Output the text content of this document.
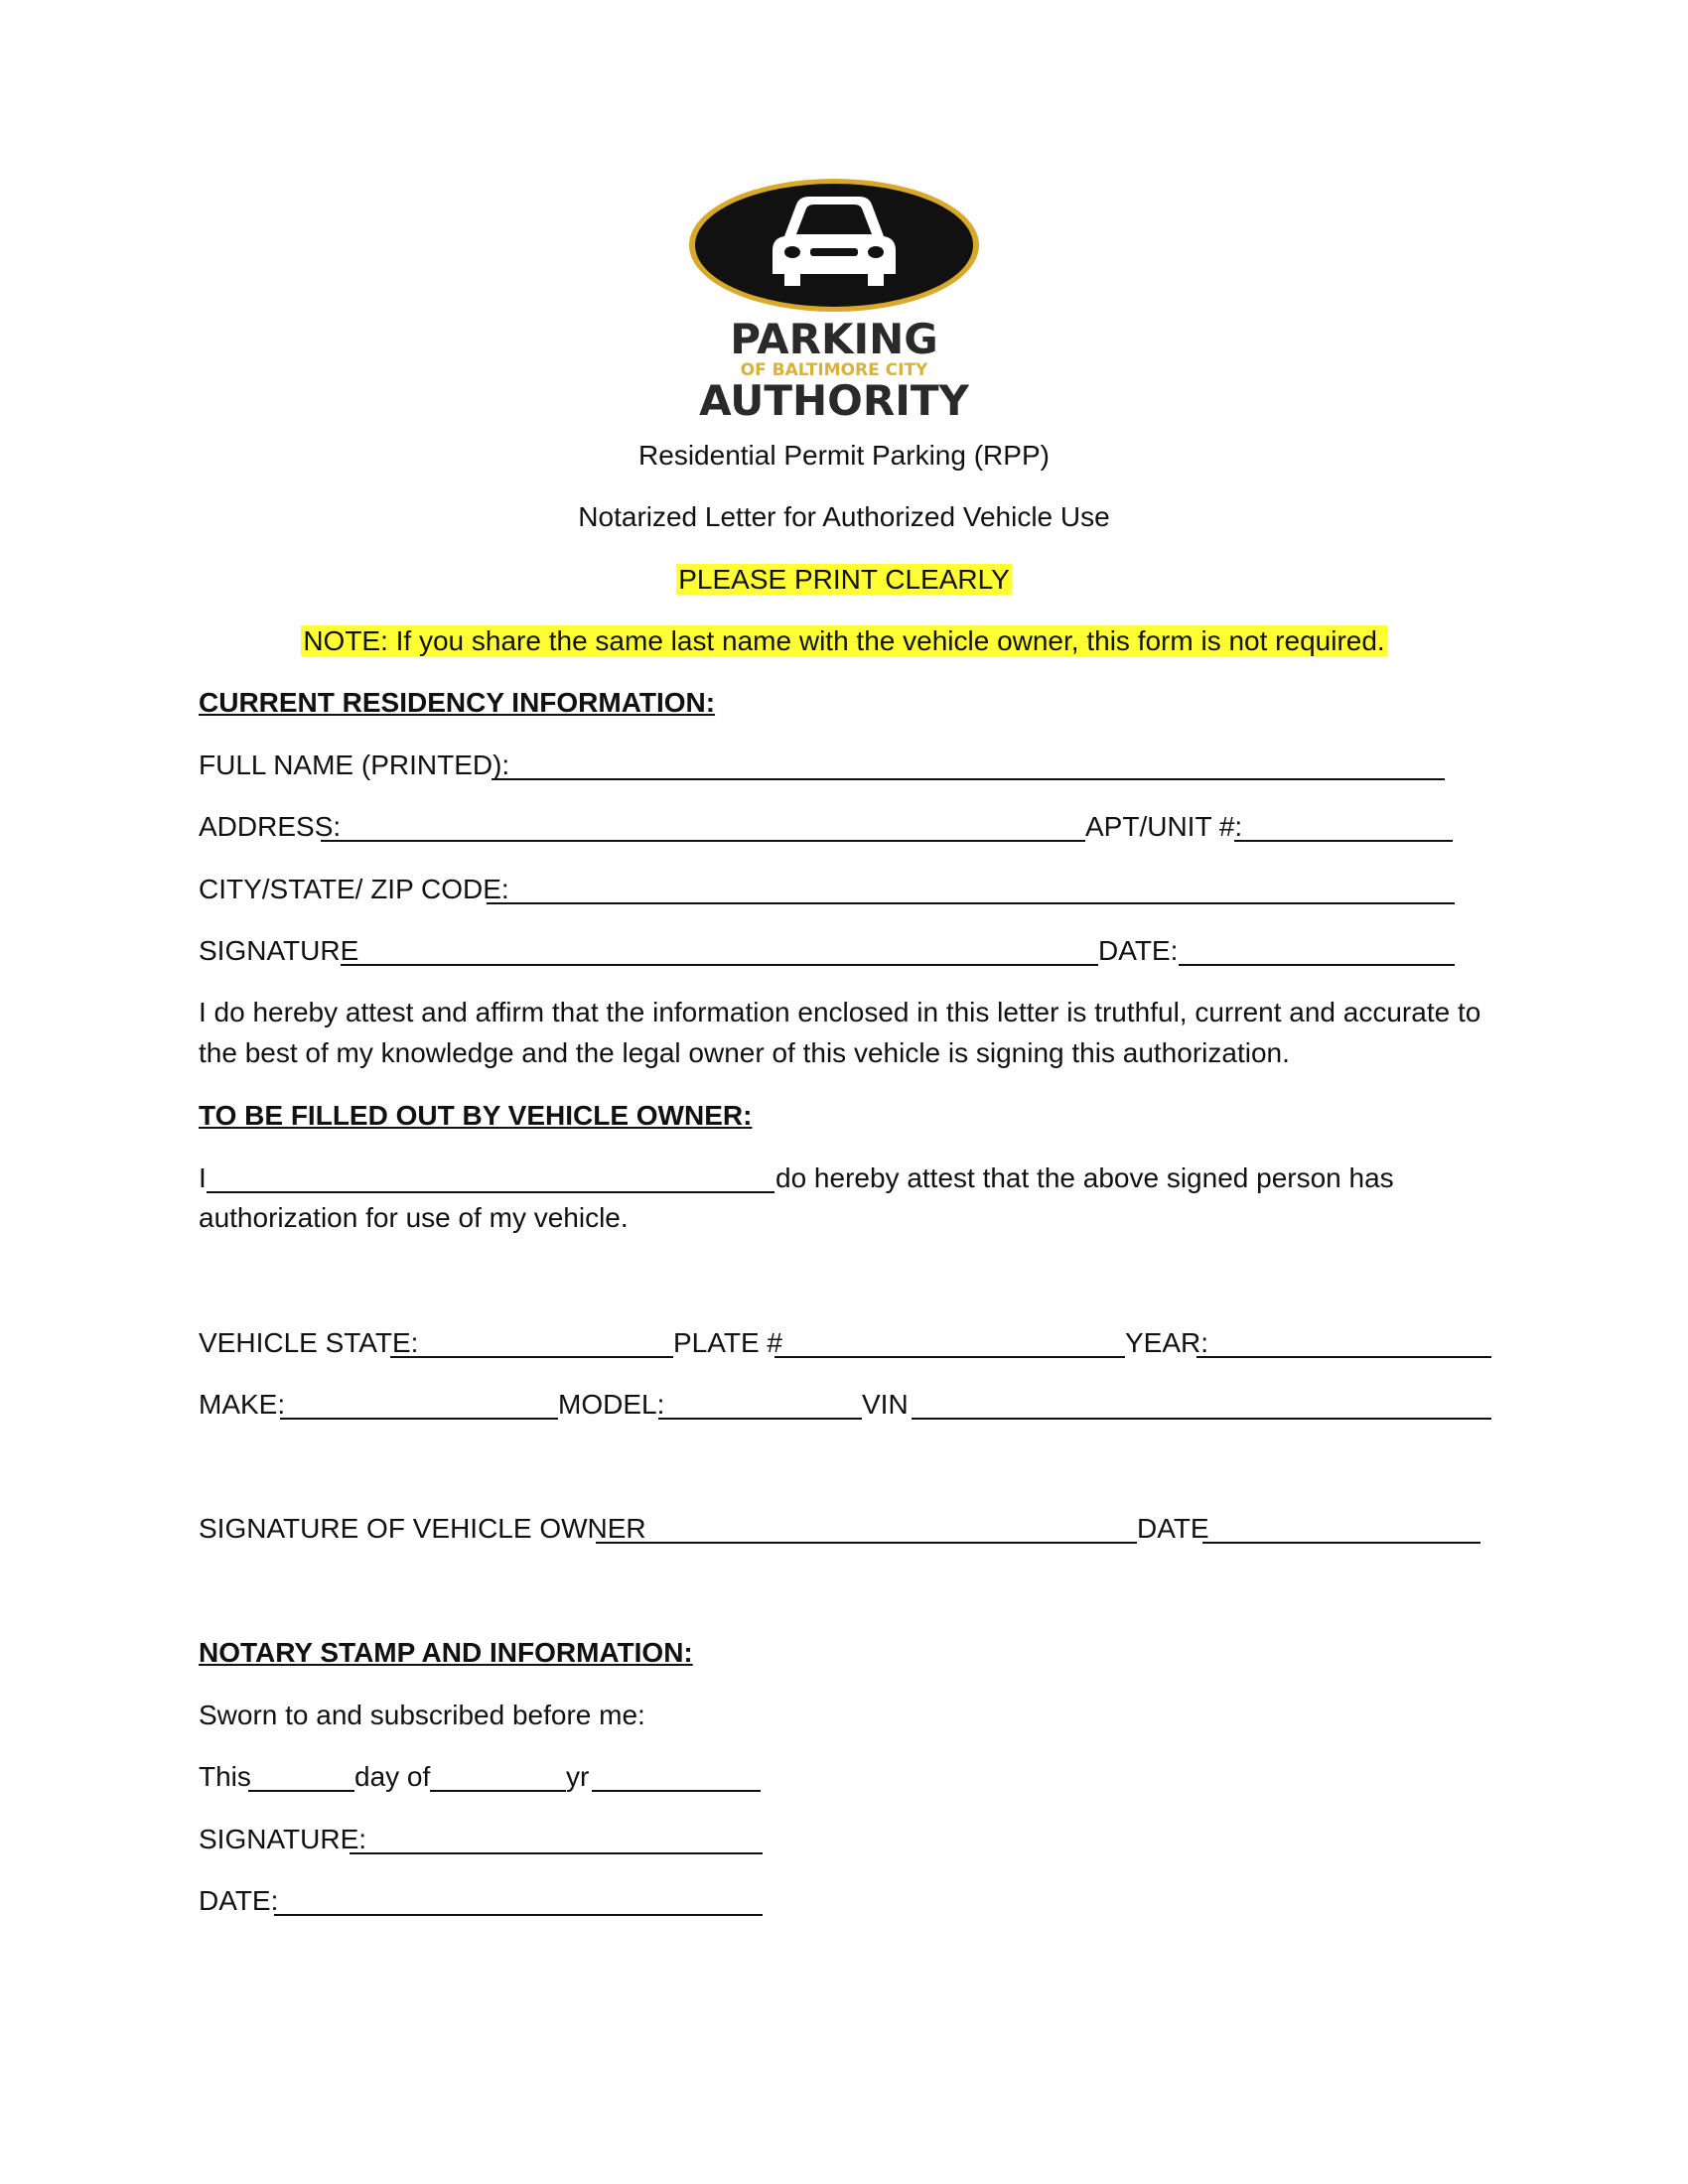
PARKING
OF BALTIMORE CITY
AUTHORITY
Residential Permit Parking (RPP)
Notarized Letter for Authorized Vehicle Use
PLEASE PRINT CLEARLY
NOTE: If you share the same last name with the vehicle owner, this form is not required.
CURRENT RESIDENCY INFORMATION:
FULL NAME (PRINTED):
ADDRESS:	APT/UNIT #:
CITY/STATE/ ZIP CODE:
SIGNATURE	DATE:
I do hereby attest and affirm that the information enclosed in this letter is truthful, current and accurate to the best of my knowledge and the legal owner of this vehicle is signing this authorization.
TO BE FILLED OUT BY VEHICLE OWNER:
I	do hereby attest that the above signed person has
authorization for use of my vehicle.
VEHICLE STATE:	PLATE #	YEAR:
MAKE:	MODEL:	VIN
SIGNATURE OF VEHICLE OWNER	DATE
NOTARY STAMP AND INFORMATION:
Sworn to and subscribed before me:
This	day of	yr
SIGNATURE:
DATE:
